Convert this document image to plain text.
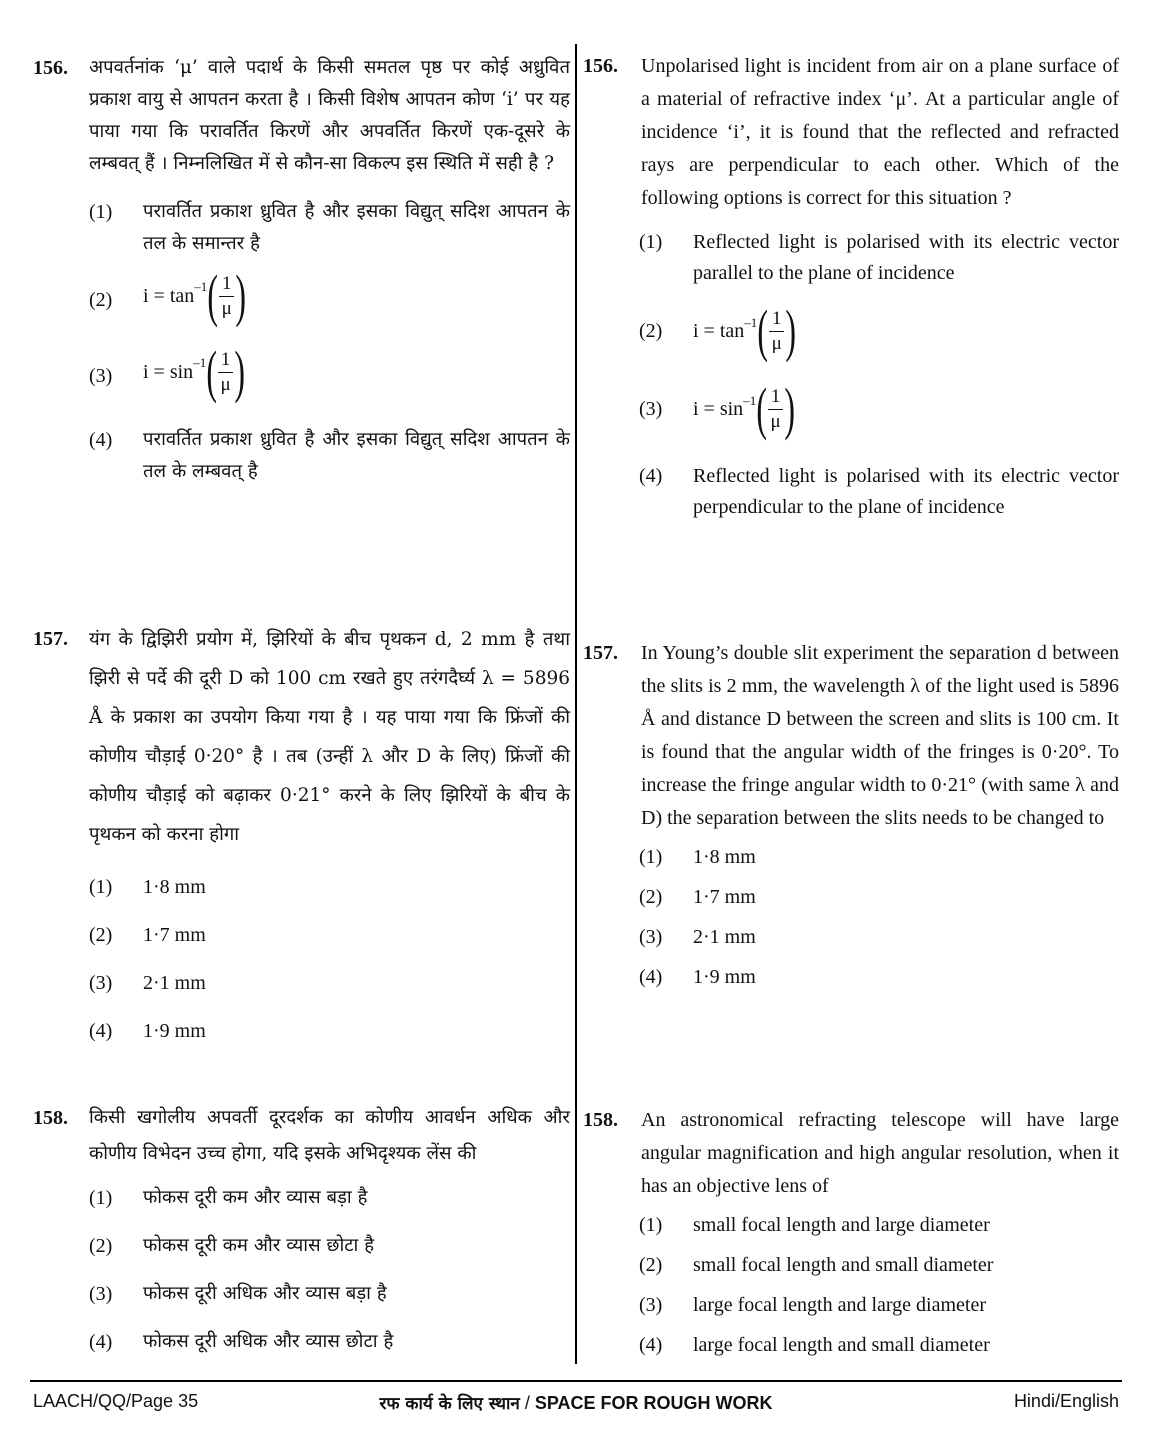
156. अपवर्तनांक ‘μ’ वाले पदार्थ के किसी समतल पृष्ठ पर कोई अध्रुवित प्रकाश वायु से आपतन करता है । किसी विशेष आपतन कोण ‘i’ पर यह पाया गया कि परावर्तित किरणें और अपवर्तित किरणें एक-दूसरे के लम्बवत् हैं । निम्नलिखित में से कौन-सा विकल्प इस स्थिति में सही है ?
(1) परावर्तित प्रकाश ध्रुवित है और इसका विद्युत् सदिश आपतन के तल के समान्तर है
(2) $i = \tan^{-1}$ ( $\frac{1}{\mu}$ )
(3) $i = \sin^{-1}$ ( $\frac{1}{\mu}$ )
(4) परावर्तित प्रकाश ध्रुवित है और इसका विद्युत् सदिश आपतन के तल के लम्बवत् है
157. यंग के द्विझिरी प्रयोग में, झिरियों के बीच पृथकन d, 2 mm है तथा झिरी से पर्दे की दूरी D को 100 cm रखते हुए तरंगदैर्घ्य λ = 5896 Å के प्रकाश का उपयोग किया गया है । यह पाया गया कि फ्रिंजों की कोणीय चौड़ाई 0·20° है । तब (उन्हीं λ और D के लिए) फ्रिंजों की कोणीय चौड़ाई को बढ़ाकर 0·21° करने के लिए झिरियों के बीच के पृथकन को करना होगा
(1) 1·8 mm
(2) 1·7 mm
(3) 2·1 mm
(4) 1·9 mm
158. किसी खगोलीय अपवर्ती दूरदर्शक का कोणीय आवर्धन अधिक और कोणीय विभेदन उच्च होगा, यदि इसके अभिदृश्यक लेंस की
(1) फोकस दूरी कम और व्यास बड़ा है
(2) फोकस दूरी कम और व्यास छोटा है
(3) फोकस दूरी अधिक और व्यास बड़ा है
(4) फोकस दूरी अधिक और व्यास छोटा है
156. Unpolarised light is incident from air on a plane surface of a material of refractive index ‘μ’. At a particular angle of incidence ‘i’, it is found that the reflected and refracted rays are perpendicular to each other. Which of the following options is correct for this situation ?
(1) Reflected light is polarised with its electric vector parallel to the plane of incidence
(2) $i = \tan^{-1}$ ( $\frac{1}{\mu}$ )
(3) $i = \sin^{-1}$ ( $\frac{1}{\mu}$ )
(4) Reflected light is polarised with its electric vector perpendicular to the plane of incidence
157. In Young’s double slit experiment the separation d between the slits is 2 mm, the wavelength λ of the light used is 5896 Å and distance D between the screen and slits is 100 cm. It is found that the angular width of the fringes is 0·20°. To increase the fringe angular width to 0·21° (with same λ and D) the separation between the slits needs to be changed to
(1) 1·8 mm
(2) 1·7 mm
(3) 2·1 mm
(4) 1·9 mm
158. An astronomical refracting telescope will have large angular magnification and high angular resolution, when it has an objective lens of
(1) small focal length and large diameter
(2) small focal length and small diameter
(3) large focal length and large diameter
(4) large focal length and small diameter
LAACH/QQ/Page 35	रफ कार्य के लिए स्थान / SPACE FOR ROUGH WORK	Hindi/English
